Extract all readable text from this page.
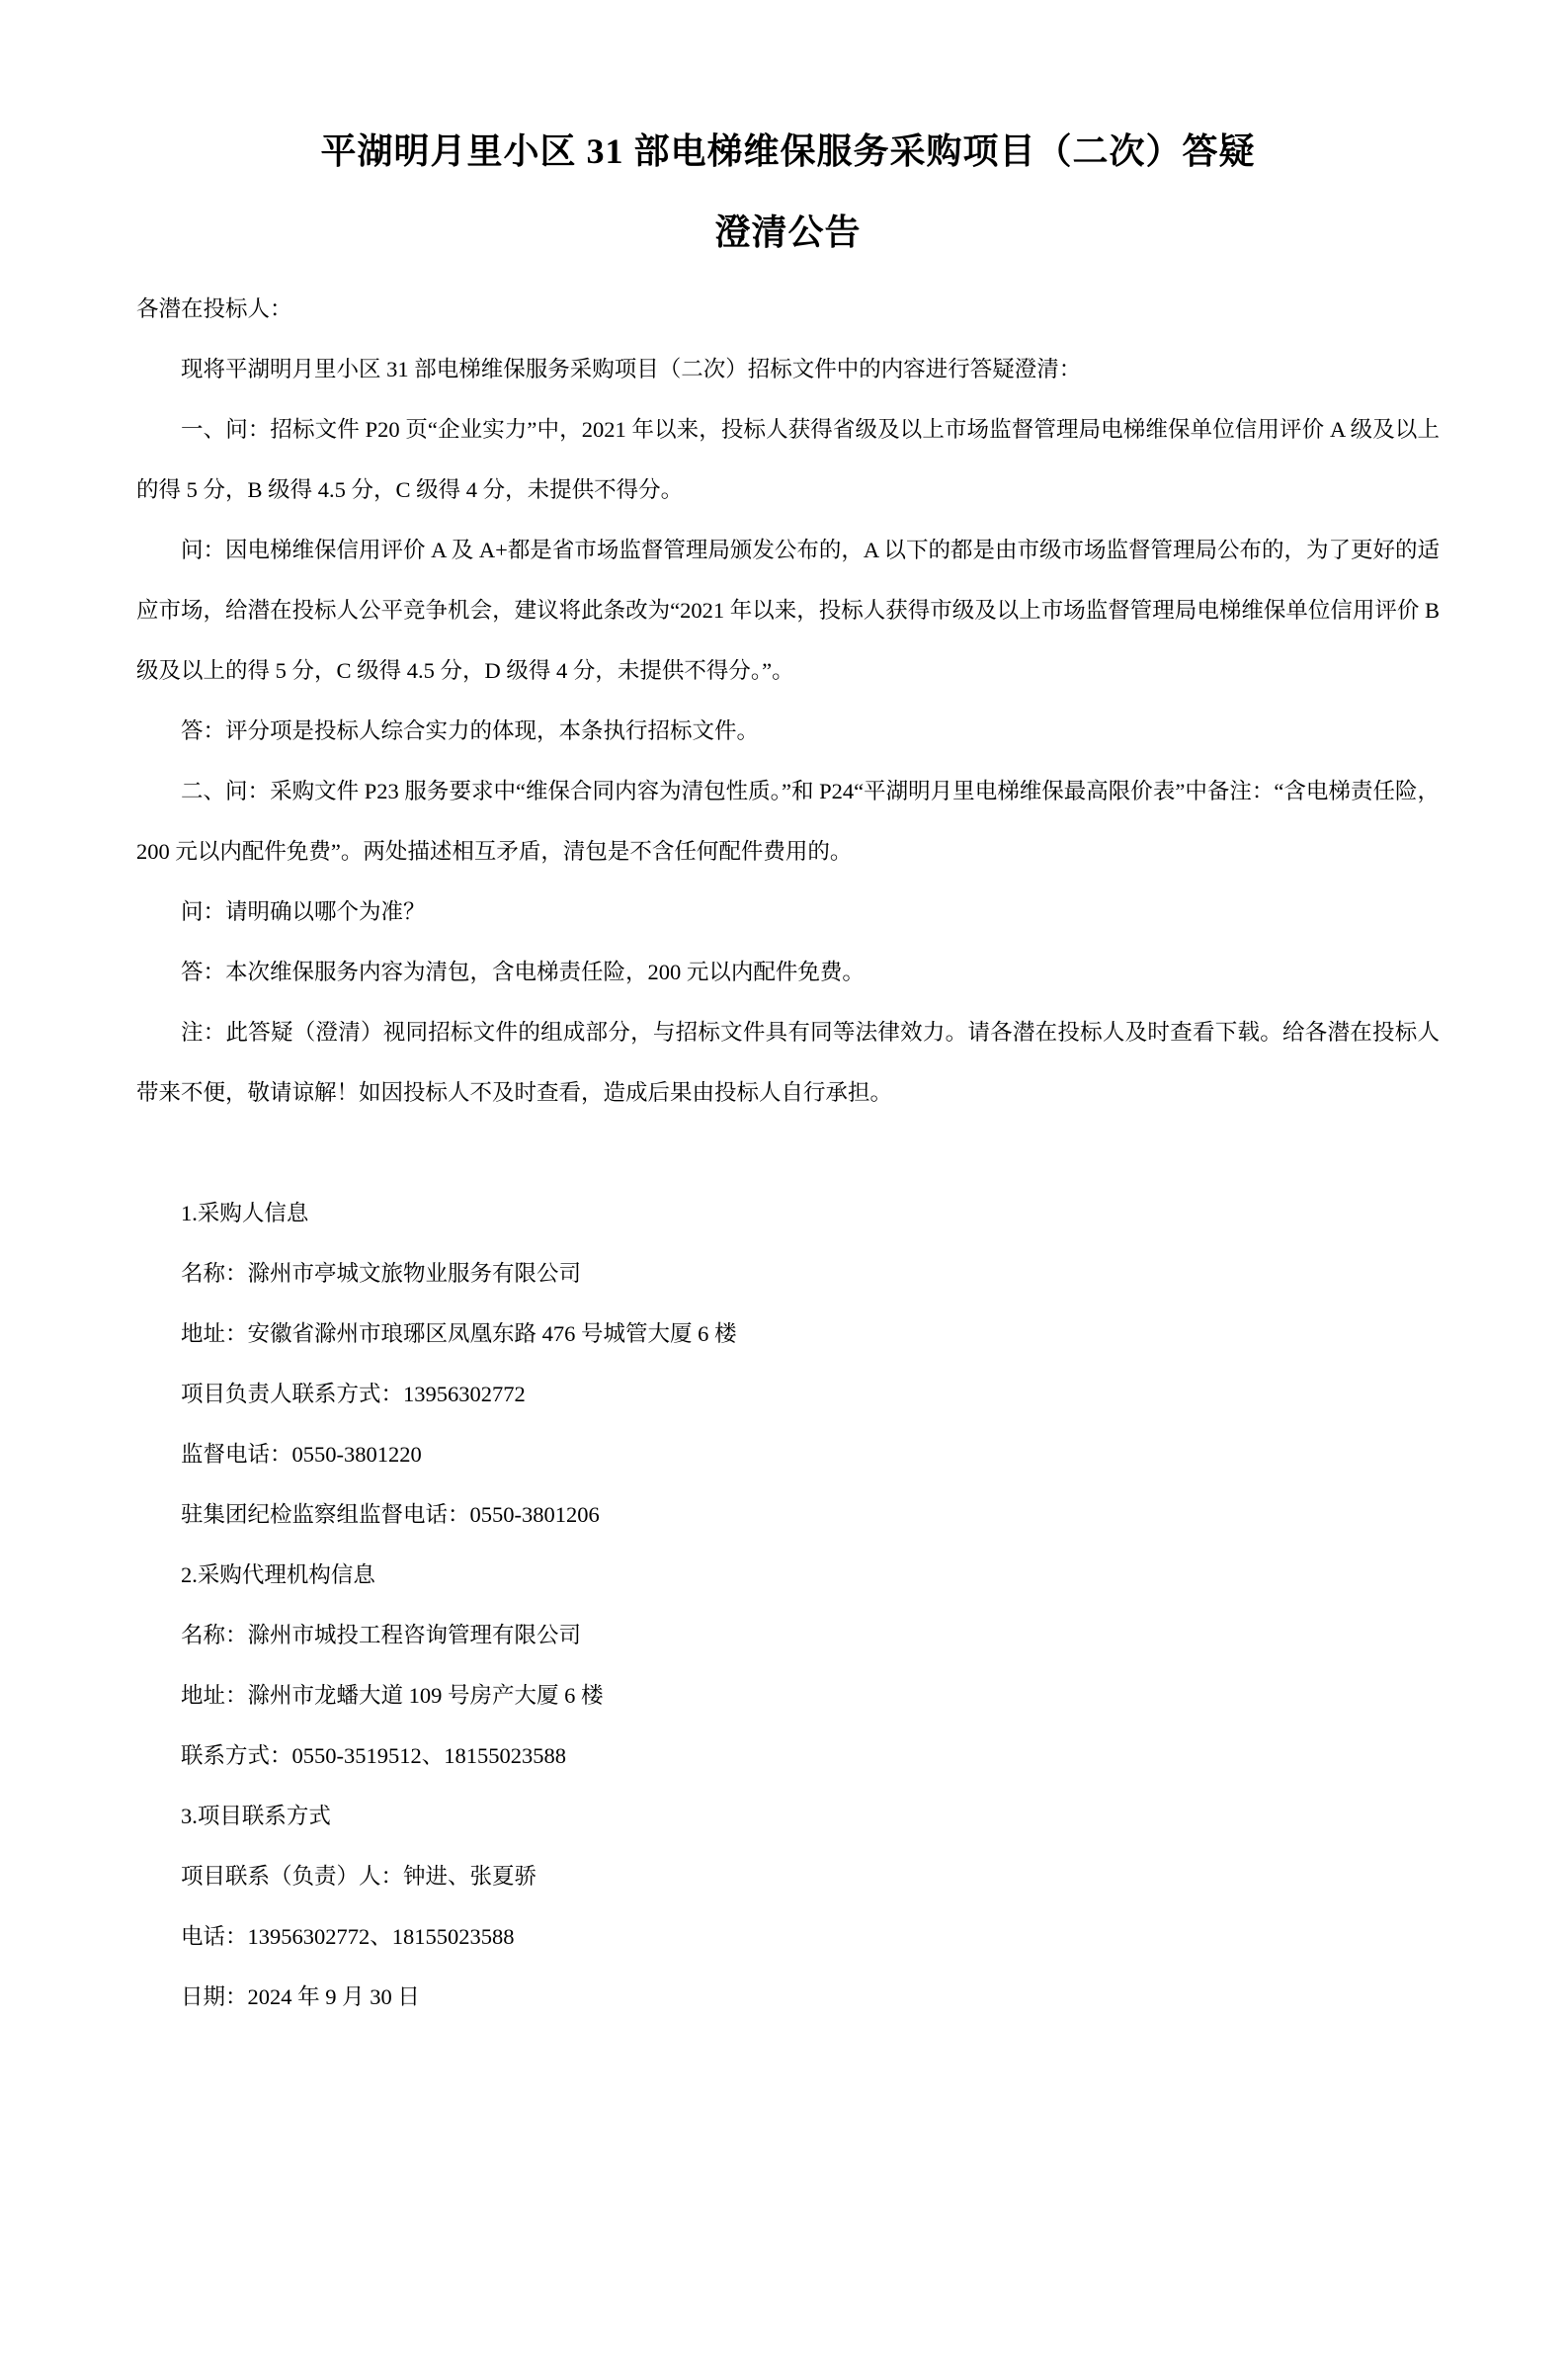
平湖明月里小区 31 部电梯维保服务采购项目（二次）答疑
澄清公告

各潜在投标人：

现将平湖明月里小区 31 部电梯维保服务采购项目（二次）招标文件中的内容进行答疑澄清：

一、问：招标文件 P20 页“企业实力”中，2021 年以来，投标人获得省级及以上市场监督管理局电梯维保单位信用评价 A 级及以上的得 5 分，B 级得 4.5 分，C 级得 4 分，未提供不得分。

问：因电梯维保信用评价 A 及 A+都是省市场监督管理局颁发公布的，A 以下的都是由市级市场监督管理局公布的，为了更好的适应市场，给潜在投标人公平竞争机会，建议将此条改为“2021 年以来，投标人获得市级及以上市场监督管理局电梯维保单位信用评价 B 级及以上的得 5 分，C 级得 4.5 分，D 级得 4 分，未提供不得分。”。

答：评分项是投标人综合实力的体现，本条执行招标文件。

二、问：采购文件 P23 服务要求中“维保合同内容为清包性质。”和 P24“平湖明月里电梯维保最高限价表”中备注：“含电梯责任险，200 元以内配件免费”。两处描述相互矛盾，清包是不含任何配件费用的。

问：请明确以哪个为准？

答：本次维保服务内容为清包，含电梯责任险，200 元以内配件免费。

注：此答疑（澄清）视同招标文件的组成部分，与招标文件具有同等法律效力。请各潜在投标人及时查看下载。给各潜在投标人带来不便，敬请谅解！如因投标人不及时查看，造成后果由投标人自行承担。

1.采购人信息

名称：滁州市亭城文旅物业服务有限公司

地址：安徽省滁州市琅琊区凤凰东路 476 号城管大厦 6 楼

项目负责人联系方式：13956302772

监督电话：0550-3801220

驻集团纪检监察组监督电话：0550-3801206

2.采购代理机构信息

名称：滁州市城投工程咨询管理有限公司

地址：滁州市龙蟠大道 109 号房产大厦 6 楼

联系方式：0550-3519512、18155023588

3.项目联系方式

项目联系（负责）人：钟进、张夏骄

电话：13956302772、18155023588

日期：2024 年 9 月 30 日
